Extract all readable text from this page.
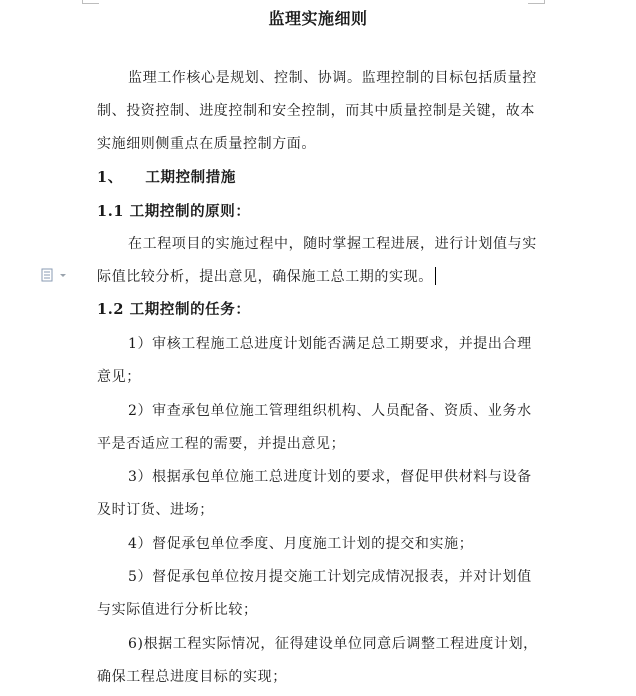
监理实施细则
监理工作核心是规划、控制、协调。监理控制的目标包括质量控
制、投资控制、进度控制和安全控制，而其中质量控制是关键，故本
实施细则侧重点在质量控制方面。
1、    工期控制措施
1.1 工期控制的原则：
在工程项目的实施过程中，随时掌握工程进展，进行计划值与实
际值比较分析，提出意见，确保施工总工期的实现。
1.2 工期控制的任务：
1）审核工程施工总进度计划能否满足总工期要求，并提出合理
意见；
2）审查承包单位施工管理组织机构、人员配备、资质、业务水
平是否适应工程的需要，并提出意见；
3）根据承包单位施工总进度计划的要求，督促甲供材料与设备
及时订货、进场；
4）督促承包单位季度、月度施工计划的提交和实施；
5）督促承包单位按月提交施工计划完成情况报表，并对计划值
与实际值进行分析比较；
6)根据工程实际情况，征得建设单位同意后调整工程进度计划，
确保工程总进度目标的实现；
